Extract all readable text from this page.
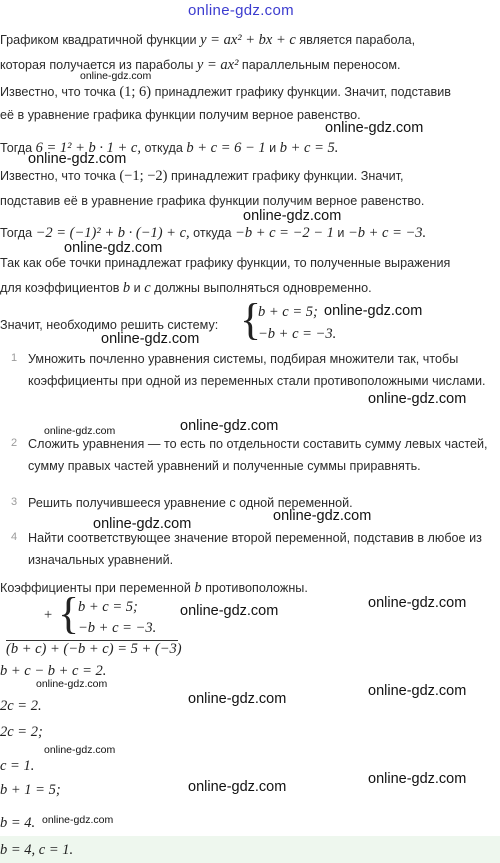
online-gdz.com
Графиком квадратичной функции y = ax² + bx + c является парабола,
которая получается из параболы y = ax² параллельным переносом.
Известно, что точка (1; 6) принадлежит графику функции. Значит, подставив
её в уравнение графика функции получим верное равенство.
Тогда 6 = 1² + b · 1 + c, откуда b + c = 6 − 1 и b + c = 5.
Известно, что точка (−1; −2) принадлежит графику функции. Значит,
подставив её в уравнение графика функции получим верное равенство.
Тогда −2 = (−1)² + b · (−1) + c, откуда −b + c = −2 − 1 и −b + c = −3.
Так как обе точки принадлежат графику функции, то полученные выражения
для коэффициентов b и c должны выполняться одновременно.
Значит, необходимо решить систему: {
b + c = 5;
−b + c = −3.
1 Умножить почленно уравнения системы, подбирая множители так, чтобы коэффициенты при одной из переменных стали противоположными числами.
2 Сложить уравнения — то есть по отдельности составить сумму левых частей, сумму правых частей уравнений и полученные суммы приравнять.
3 Решить получившееся уравнение с одной переменной.
4 Найти соответствующее значение второй переменной, подставив в любое из изначальных уравнений.
Коэффициенты при переменной b противоположны.
+ {
b + c = 5;
−b + c = −3.
(b + c) + (−b + c) = 5 + (−3)
b + c − b + c = 2.
2c = 2.
2c = 2;
c = 1.
b + 1 = 5;
b = 4.
b = 4, c = 1.
online-gdz.com
online-gdz.com
online-gdz.com
online-gdz.com
online-gdz.com
online-gdz.com
online-gdz.com
online-gdz.com
online-gdz.com
online-gdz.com
online-gdz.com
online-gdz.com
online-gdz.com
online-gdz.com
online-gdz.com
online-gdz.com
online-gdz.com
online-gdz.com
online-gdz.com
online-gdz.com
online-gdz.com
